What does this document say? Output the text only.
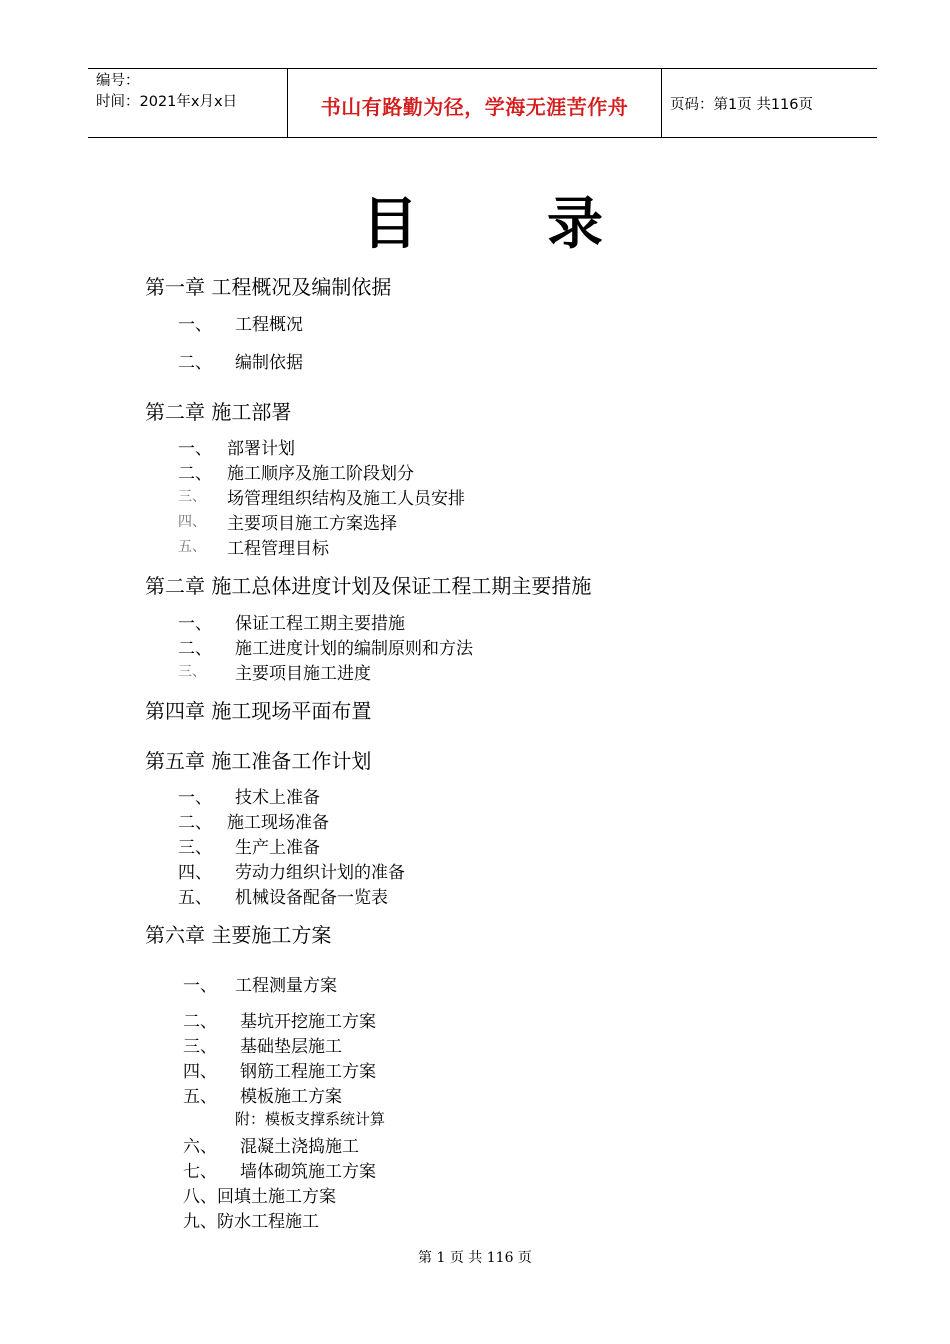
编号：
时间：2021年x月x日	书山有路勤为径，学海无涯苦作舟	页码：第1页 共116页
目 录
第一章 工程概况及编制依据
一、 工程概况
二、 编制依据
第二章 施工部署
一、 部署计划
二、 施工顺序及施工阶段划分
三、 场管理组织结构及施工人员安排
四、 主要项目施工方案选择
五、 工程管理目标
第二章 施工总体进度计划及保证工程工期主要措施
一、 保证工程工期主要措施
二、 施工进度计划的编制原则和方法
三、 主要项目施工进度
第四章 施工现场平面布置
第五章 施工准备工作计划
一、 技术上准备
二、 施工现场准备
三、 生产上准备
四、 劳动力组织计划的准备
五、 机械设备配备一览表
第六章 主要施工方案
一、 工程测量方案
二、 基坑开挖施工方案
三、 基础垫层施工
四、 钢筋工程施工方案
五、 模板施工方案
附：模板支撑系统计算
六、 混凝土浇捣施工
七、 墙体砌筑施工方案
八、回填土施工方案
九、防水工程施工
第 1 页 共 116 页
